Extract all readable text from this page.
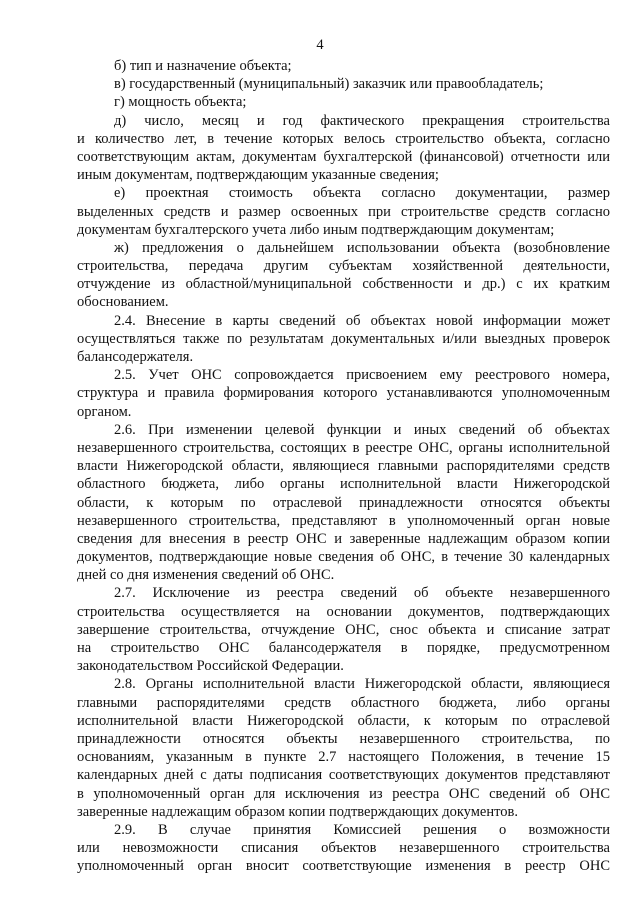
4
б) тип и назначение объекта;
в) государственный (муниципальный) заказчик или правообладатель;
г) мощность объекта;
д) число, месяц и год фактического прекращения строительства
и количество лет, в течение которых велось строительство объекта, согласно
соответствующим актам, документам бухгалтерской (финансовой) отчетности или
иным документам, подтверждающим указанные сведения;
е) проектная стоимость объекта согласно документации, размер
выделенных средств и размер освоенных при строительстве средств согласно
документам бухгалтерского учета либо иным подтверждающим документам;
ж) предложения о дальнейшем использовании объекта (возобновление
строительства, передача другим субъектам хозяйственной деятельности,
отчуждение из областной/муниципальной собственности и др.) с их кратким
обоснованием.
2.4. Внесение в карты сведений об объектах новой информации может
осуществляться также по результатам документальных и/или выездных проверок
балансодержателя.
2.5. Учет ОНС сопровождается присвоением ему реестрового номера,
структура и правила формирования которого устанавливаются уполномоченным
органом.
2.6. При изменении целевой функции и иных сведений об объектах
незавершенного строительства, состоящих в реестре ОНС, органы исполнительной
власти Нижегородской области, являющиеся главными распорядителями средств
областного бюджета, либо органы исполнительной власти Нижегородской
области, к которым по отраслевой принадлежности относятся объекты
незавершенного строительства, представляют в уполномоченный орган новые
сведения для внесения в реестр ОНС и заверенные надлежащим образом копии
документов, подтверждающие новые сведения об ОНС, в течение 30 календарных
дней со дня изменения сведений об ОНС.
2.7. Исключение из реестра сведений об объекте незавершенного
строительства осуществляется на основании документов, подтверждающих
завершение строительства, отчуждение ОНС, снос объекта и списание затрат
на строительство ОНС балансодержателя в порядке, предусмотренном
законодательством Российской Федерации.
2.8. Органы исполнительной власти Нижегородской области, являющиеся
главными распорядителями средств областного бюджета, либо органы
исполнительной власти Нижегородской области, к которым по отраслевой
принадлежности относятся объекты незавершенного строительства, по
основаниям, указанным в пункте 2.7 настоящего Положения, в течение 15
календарных дней с даты подписания соответствующих документов представляют
в уполномоченный орган для исключения из реестра ОНС сведений об ОНС
заверенные надлежащим образом копии подтверждающих документов.
2.9. В случае принятия Комиссией решения о возможности
или невозможности списания объектов незавершенного строительства
уполномоченный орган вносит соответствующие изменения в реестр ОНС
